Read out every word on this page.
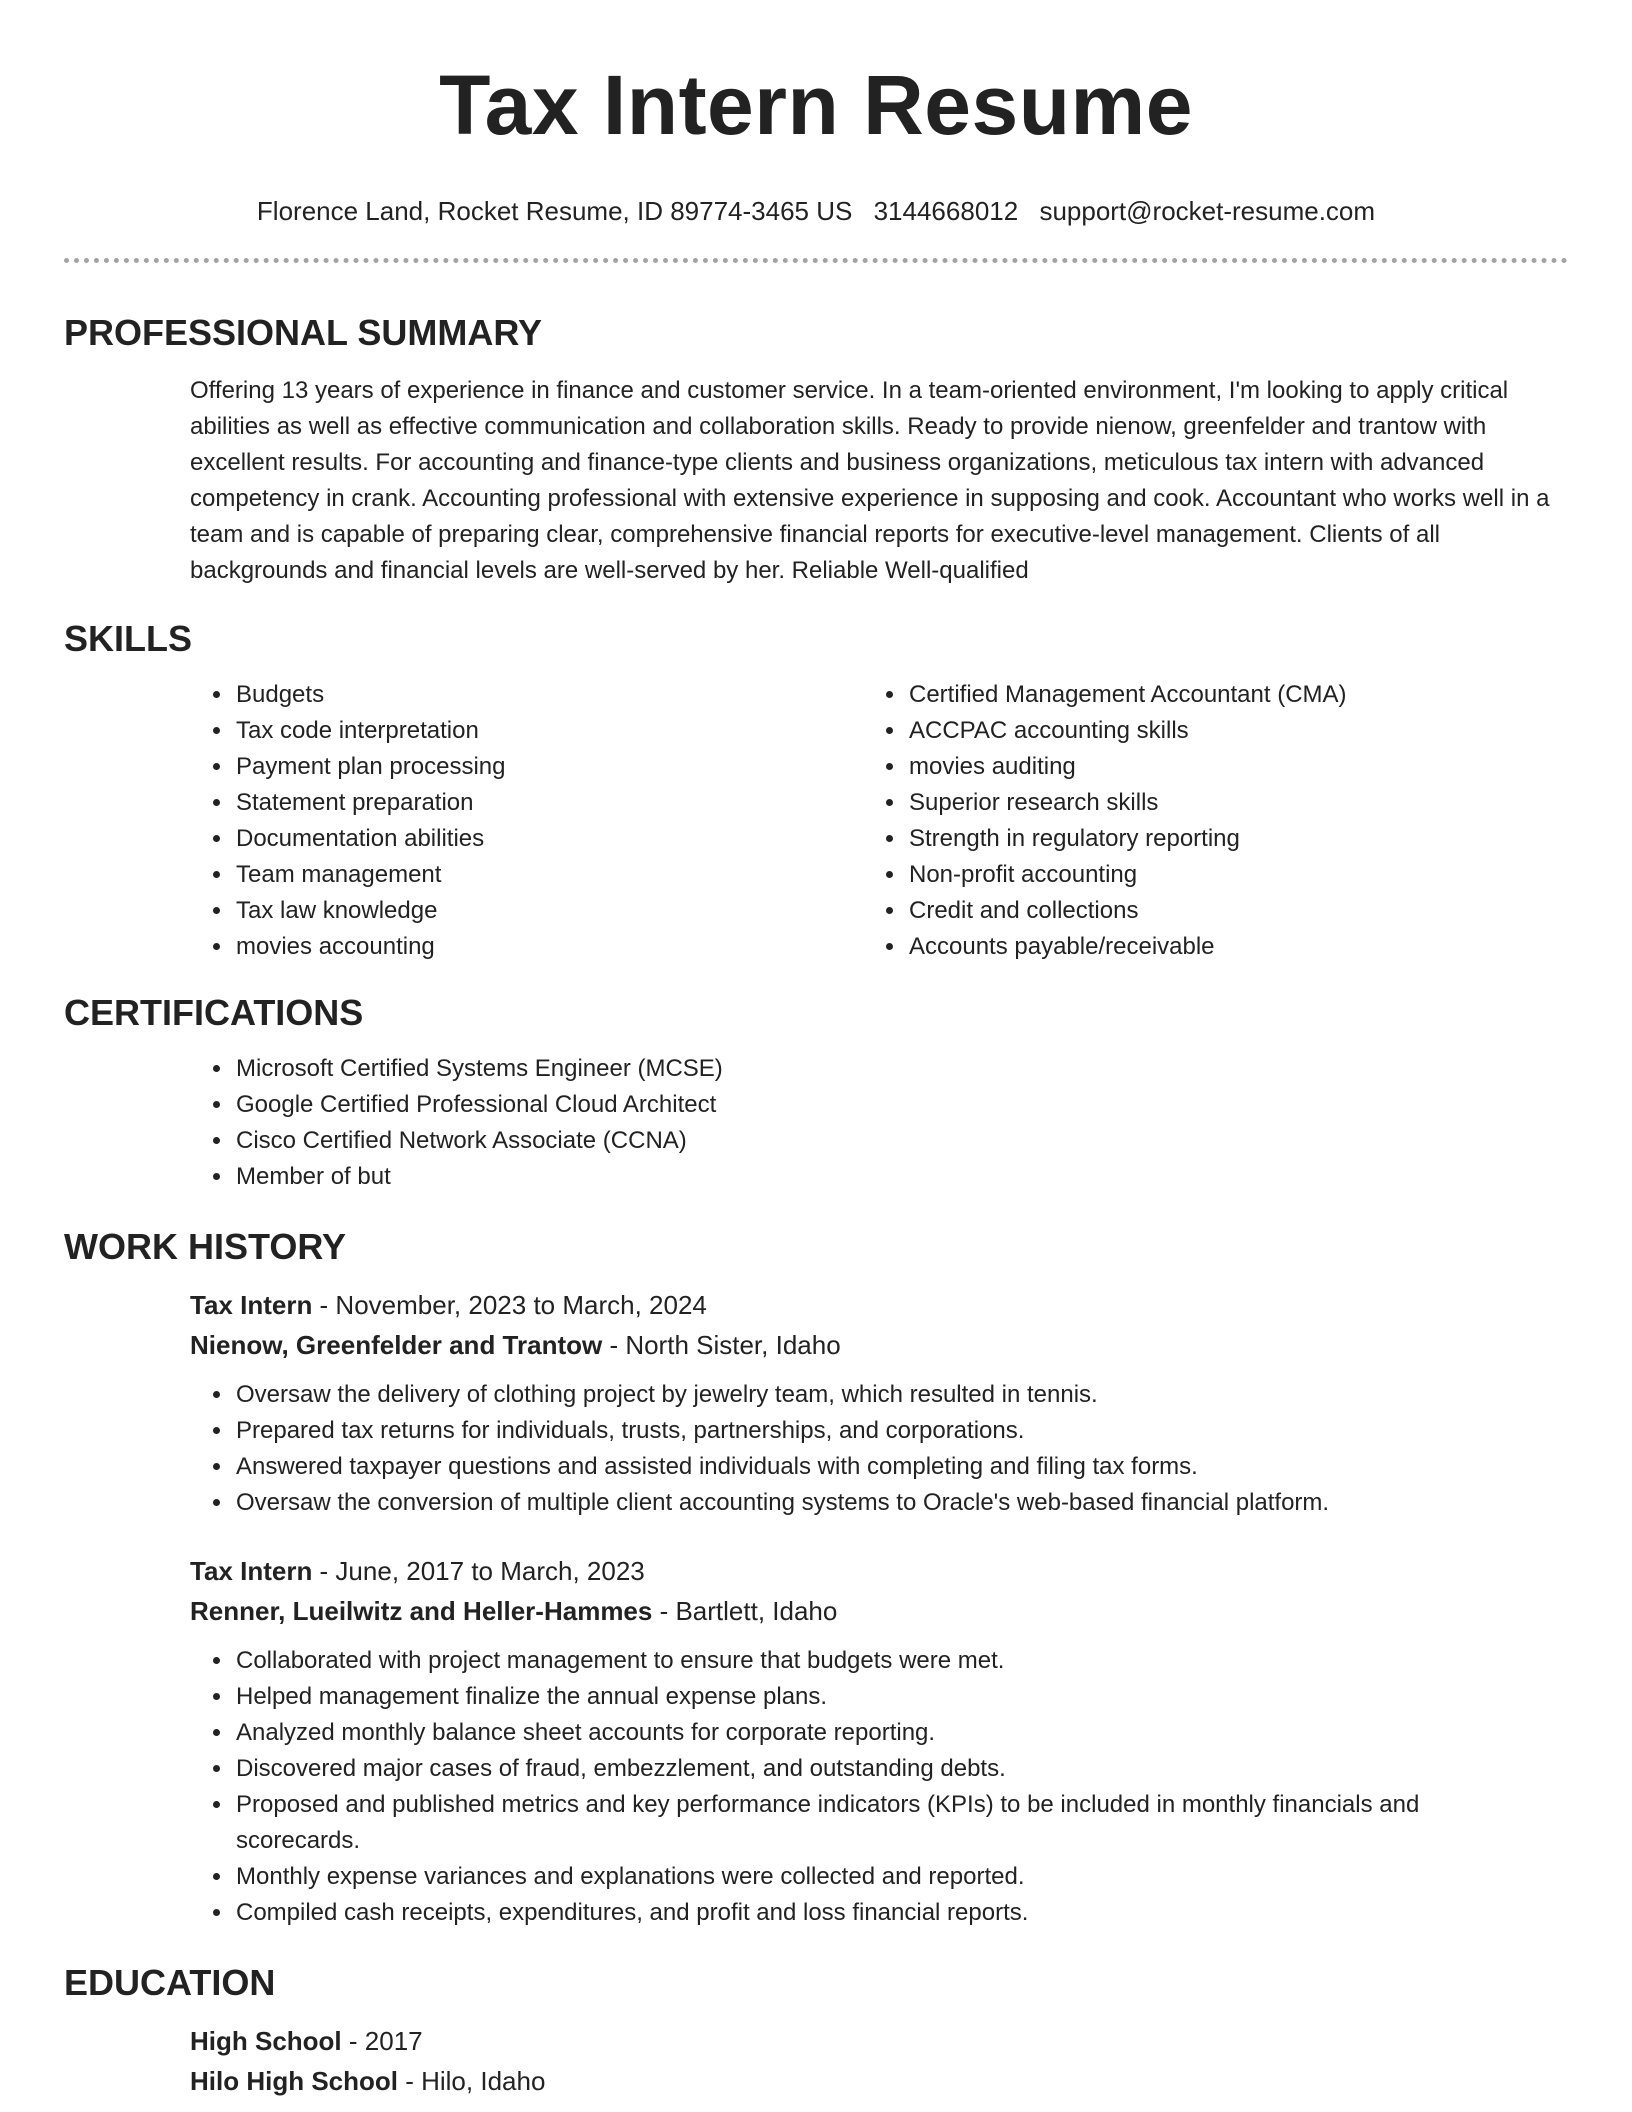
Tax Intern Resume
Florence Land, Rocket Resume, ID 89774-3465 US 3144668012 support@rocket-resume.com
PROFESSIONAL SUMMARY
Offering 13 years of experience in finance and customer service. In a team-oriented environment, I'm looking to apply critical abilities as well as effective communication and collaboration skills. Ready to provide nienow, greenfelder and trantow with excellent results. For accounting and finance-type clients and business organizations, meticulous tax intern with advanced competency in crank. Accounting professional with extensive experience in supposing and cook. Accountant who works well in a team and is capable of preparing clear, comprehensive financial reports for executive-level management. Clients of all backgrounds and financial levels are well-served by her. Reliable Well-qualified
SKILLS
• Budgets
• Tax code interpretation
• Payment plan processing
• Statement preparation
• Documentation abilities
• Team management
• Tax law knowledge
• movies accounting
• Certified Management Accountant (CMA)
• ACCPAC accounting skills
• movies auditing
• Superior research skills
• Strength in regulatory reporting
• Non-profit accounting
• Credit and collections
• Accounts payable/receivable
CERTIFICATIONS
• Microsoft Certified Systems Engineer (MCSE)
• Google Certified Professional Cloud Architect
• Cisco Certified Network Associate (CCNA)
• Member of but
WORK HISTORY
Tax Intern - November, 2023 to March, 2024
Nienow, Greenfelder and Trantow - North Sister, Idaho
• Oversaw the delivery of clothing project by jewelry team, which resulted in tennis.
• Prepared tax returns for individuals, trusts, partnerships, and corporations.
• Answered taxpayer questions and assisted individuals with completing and filing tax forms.
• Oversaw the conversion of multiple client accounting systems to Oracle's web-based financial platform.
Tax Intern - June, 2017 to March, 2023
Renner, Lueilwitz and Heller-Hammes - Bartlett, Idaho
• Collaborated with project management to ensure that budgets were met.
• Helped management finalize the annual expense plans.
• Analyzed monthly balance sheet accounts for corporate reporting.
• Discovered major cases of fraud, embezzlement, and outstanding debts.
• Proposed and published metrics and key performance indicators (KPIs) to be included in monthly financials and scorecards.
• Monthly expense variances and explanations were collected and reported.
• Compiled cash receipts, expenditures, and profit and loss financial reports.
EDUCATION
High School - 2017
Hilo High School - Hilo, Idaho
